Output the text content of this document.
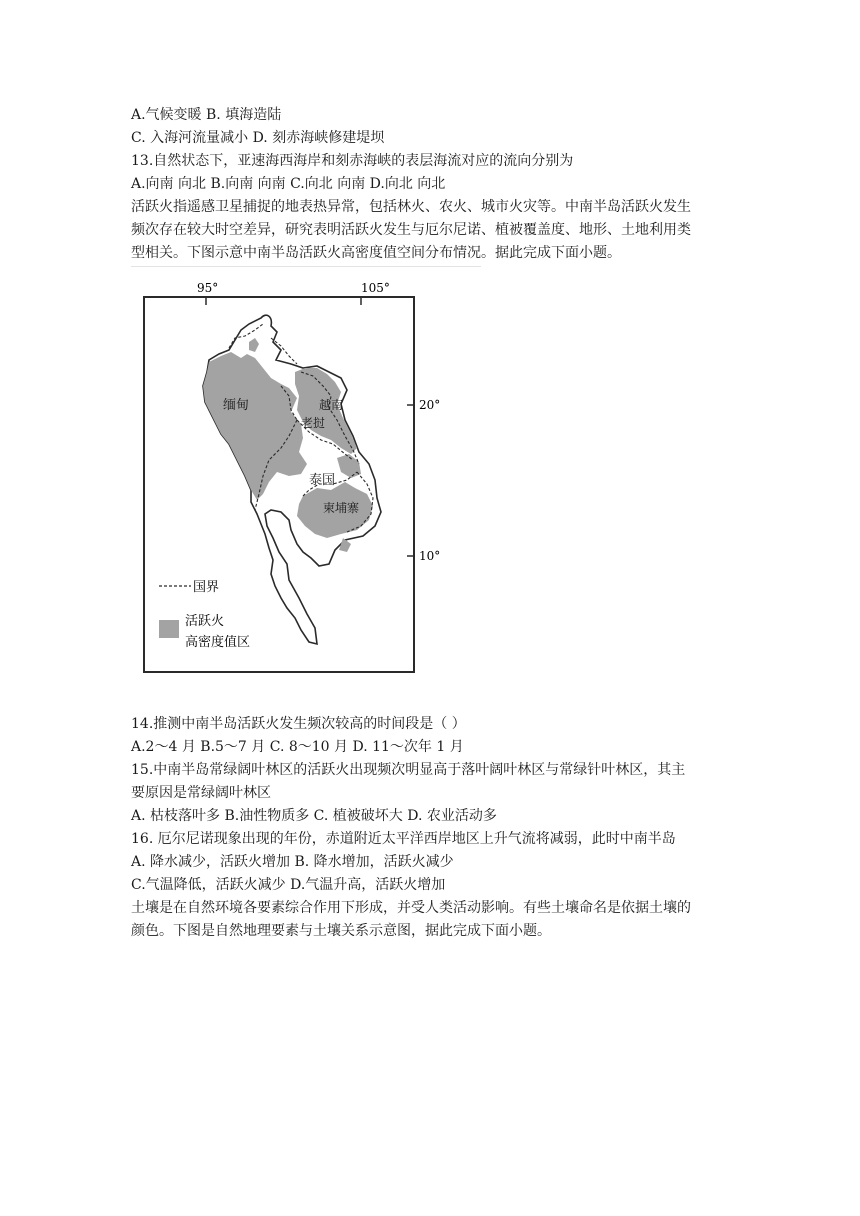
A.气候变暖 B. 填海造陆
C. 入海河流量减小 D. 刻赤海峡修建堤坝
13.自然状态下，亚速海西海岸和刻赤海峡的表层海流对应的流向分别为
A.向南 向北 B.向南 向南 C.向北 向南 D.向北 向北
活跃火指遥感卫星捕捉的地表热异常，包括林火、农火、城市火灾等。中南半岛活跃火发生
频次存在较大时空差异，研究表明活跃火发生与厄尔尼诺、植被覆盖度、地形、土地利用类
型相关。下图示意中南半岛活跃火高密度值空间分布情况。据此完成下面小题。
95°	105°
20°
10°
缅甸
老挝
越南
泰国
柬埔寨
国界
活跃火
高密度值区
14.推测中南半岛活跃火发生频次较高的时间段是（ ）
A.2～4 月 B.5～7 月 C. 8～10 月 D. 11～次年 1 月
15.中南半岛常绿阔叶林区的活跃火出现频次明显高于落叶阔叶林区与常绿针叶林区，其主
要原因是常绿阔叶林区
A. 枯枝落叶多 B.油性物质多 C. 植被破坏大 D. 农业活动多
16. 厄尔尼诺现象出现的年份，赤道附近太平洋西岸地区上升气流将减弱，此时中南半岛
A. 降水减少，活跃火增加 B. 降水增加，活跃火减少
C.气温降低，活跃火减少 D.气温升高，活跃火增加
土壤是在自然环境各要素综合作用下形成，并受人类活动影响。有些土壤命名是依据土壤的
颜色。下图是自然地理要素与土壤关系示意图，据此完成下面小题。
